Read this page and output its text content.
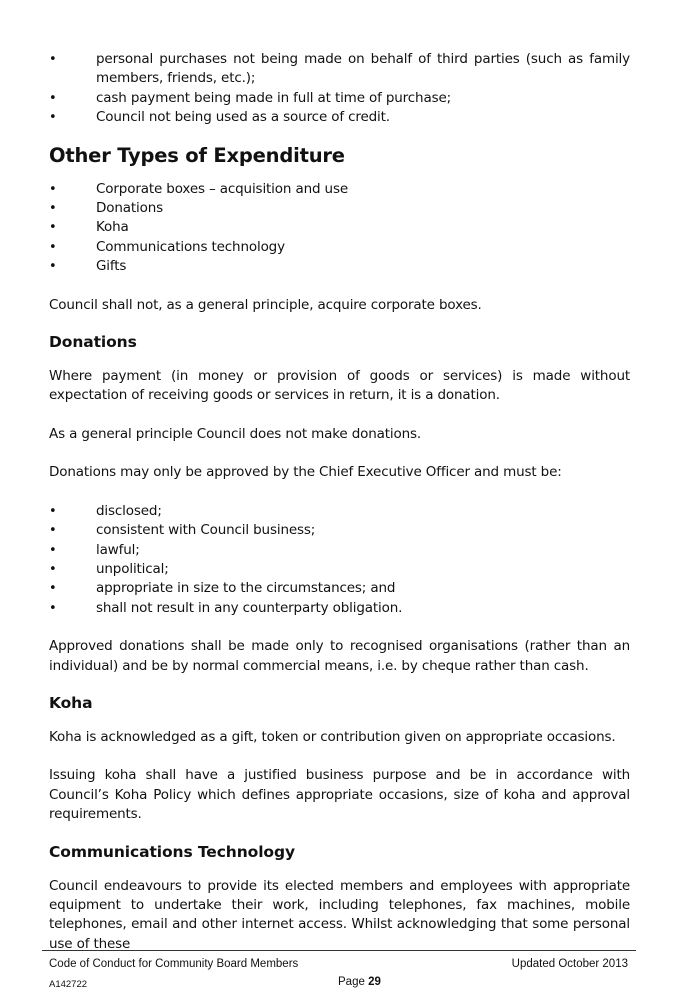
•	personal purchases not being made on behalf of third parties (such as family members, friends, etc.);
•	cash payment being made in full at time of purchase;
•	Council not being used as a source of credit.
Other Types of Expenditure
•	Corporate boxes – acquisition and use
•	Donations
•	Koha
•	Communications technology
•	Gifts

Council shall not, as a general principle, acquire corporate boxes.

Donations

Where payment (in money or provision of goods or services) is made without expectation of receiving goods or services in return, it is a donation.

As a general principle Council does not make donations.

Donations may only be approved by the Chief Executive Officer and must be:

•	disclosed;
•	consistent with Council business;
•	lawful;
•	unpolitical;
•	appropriate in size to the circumstances; and
•	shall not result in any counterparty obligation.

Approved donations shall be made only to recognised organisations (rather than an individual) and be by normal commercial means, i.e. by cheque rather than cash.

Koha

Koha is acknowledged as a gift, token or contribution given on appropriate occasions.

Issuing koha shall have a justified business purpose and be in accordance with Council’s Koha Policy which defines appropriate occasions, size of koha and approval requirements.

Communications Technology

Council endeavours to provide its elected members and employees with appropriate equipment to undertake their work, including telephones, fax machines, mobile telephones, email and other internet access. Whilst acknowledging that some personal use of these

Code of Conduct for Community Board Members	Updated October 2013
A142722	Page 29
